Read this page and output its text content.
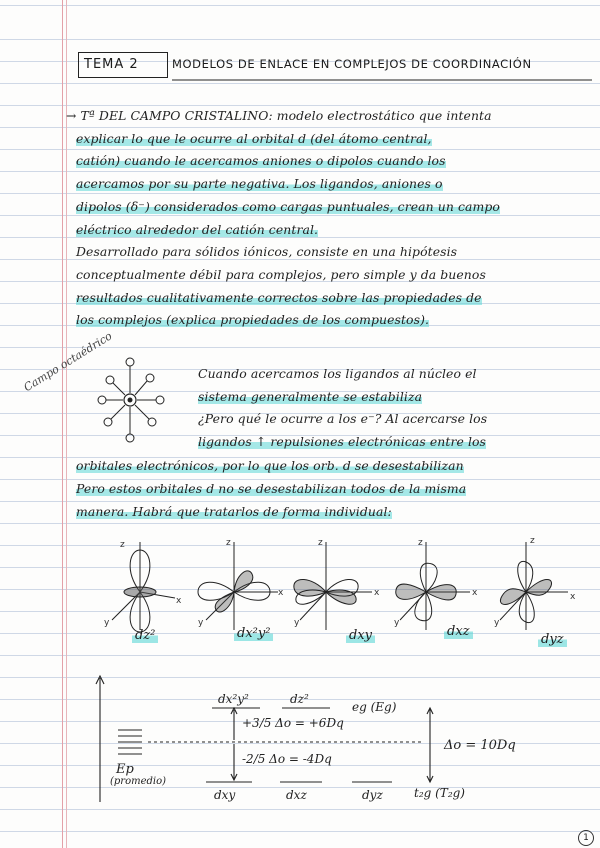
TEMA 2	MODELOS DE ENLACE EN COMPLEJOS DE COORDINACIÓN
→ Tª DEL CAMPO CRISTALINO: modelo electrostático que intenta
explicar lo que le ocurre al orbital d (del átomo central,
catión) cuando le acercamos aniones o dipolos cuando los
acercamos por su parte negativa. Los ligandos, aniones o
dipolos (δ⁻) considerados como cargas puntuales, crean un campo
eléctrico alrededor del catión central.
Desarrollado para sólidos iónicos, consiste en una hipótesis
conceptualmente débil para complejos, pero simple y da buenos
resultados cualitativamente correctos sobre las propiedades de
los complejos (explica propiedades de los compuestos).
Campo octaédrico	Cuando acercamos los ligandos al núcleo el
sistema generalmente se estabiliza
¿Pero qué le ocurre a los e⁻? Al acercarse los
ligandos ↑ repulsiones electrónicas entre los
orbitales electrónicos, por lo que los orb. d se desestabilizan
Pero estos orbitales d no se desestabilizan todos de la misma
manera. Habrá que tratarlos de forma individual:
z
x
y
z
x
y
z
x
y
z
x
y
z
x
y
dz²	dx²y²	dxy	dxz
dyz
dx²y²	dz²
eg (Eg)
+3/5 Δo = +6Dq
-2/5 Δo = -4Dq
Δo = 10Dq
Ep
(promedio)
dxy	dxz	dyz	t₂g (T₂g)
1
